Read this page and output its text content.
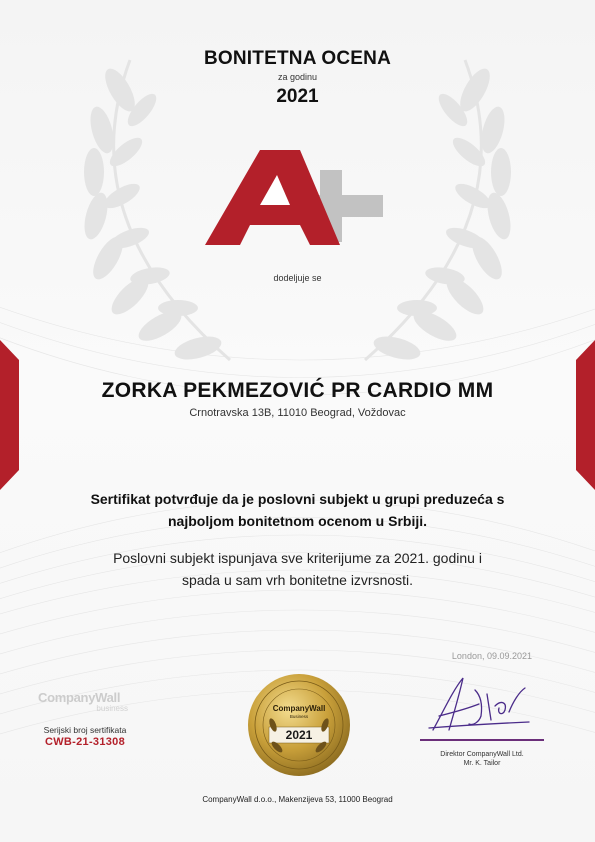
BONITETNA OCENA
za godinu
2021
dodeljuje se
ZORKA PEKMEZOVIĆ PR CARDIO MM
Crnotravska 13B, 11010 Beograd, Voždovac
Sertifikat potvrđuje da je poslovni subjekt u grupi preduzeća s
najboljom bonitetnom ocenom u Srbiji.
Poslovni subjekt ispunjava sve kriterijume za 2021. godinu i
spada u sam vrh bonitetne izvrsnosti.
London, 09.09.2021
CompanyWall
business
Serijski broj sertifikata
CWB-21-31308
CompanyWall
Business
2021
Direktor CompanyWall Ltd.
Mr. K. Tailor
CompanyWall d.o.o., Makenzijeva 53, 11000 Beograd
